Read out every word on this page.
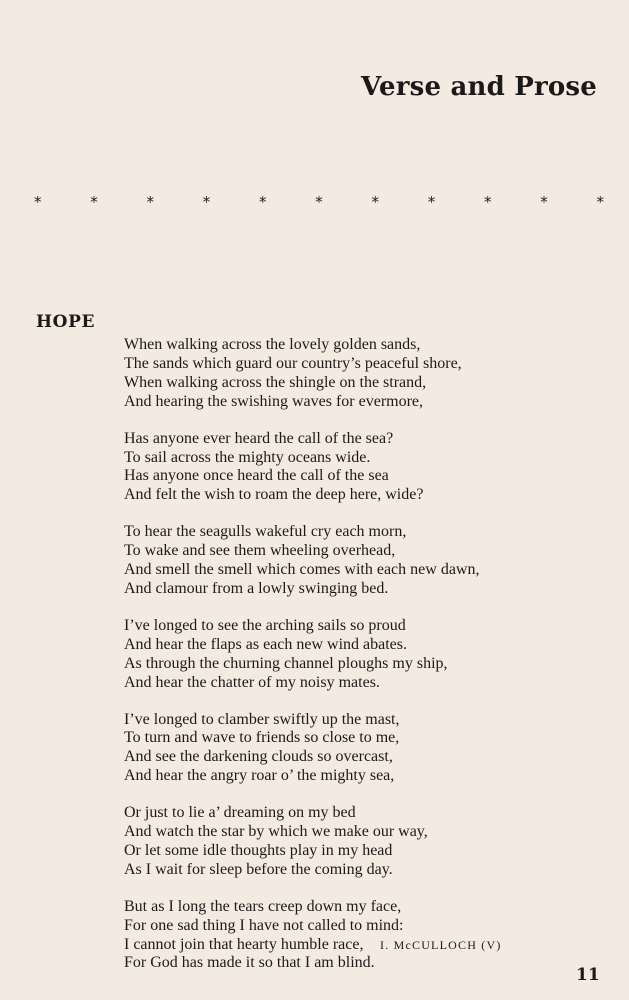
Verse and Prose
*	*	*	*	*	*	*	*	*	*	*
HOPE
When walking across the lovely golden sands,
The sands which guard our country’s peaceful shore,
When walking across the shingle on the strand,
And hearing the swishing waves for evermore,
Has anyone ever heard the call of the sea?
To sail across the mighty oceans wide.
Has anyone once heard the call of the sea
And felt the wish to roam the deep here, wide?
To hear the seagulls wakeful cry each morn,
To wake and see them wheeling overhead,
And smell the smell which comes with each new dawn,
And clamour from a lowly swinging bed.
I’ve longed to see the arching sails so proud
And hear the flaps as each new wind abates.
As through the churning channel ploughs my ship,
And hear the chatter of my noisy mates.
I’ve longed to clamber swiftly up the mast,
To turn and wave to friends so close to me,
And see the darkening clouds so overcast,
And hear the angry roar o’ the mighty sea,
Or just to lie a’ dreaming on my bed
And watch the star by which we make our way,
Or let some idle thoughts play in my head
As I wait for sleep before the coming day.
But as I long the tears creep down my face,
For one sad thing I have not called to mind:
I cannot join that hearty humble race,
For God has made it so that I am blind.
I. McCULLOCH (V)
11
